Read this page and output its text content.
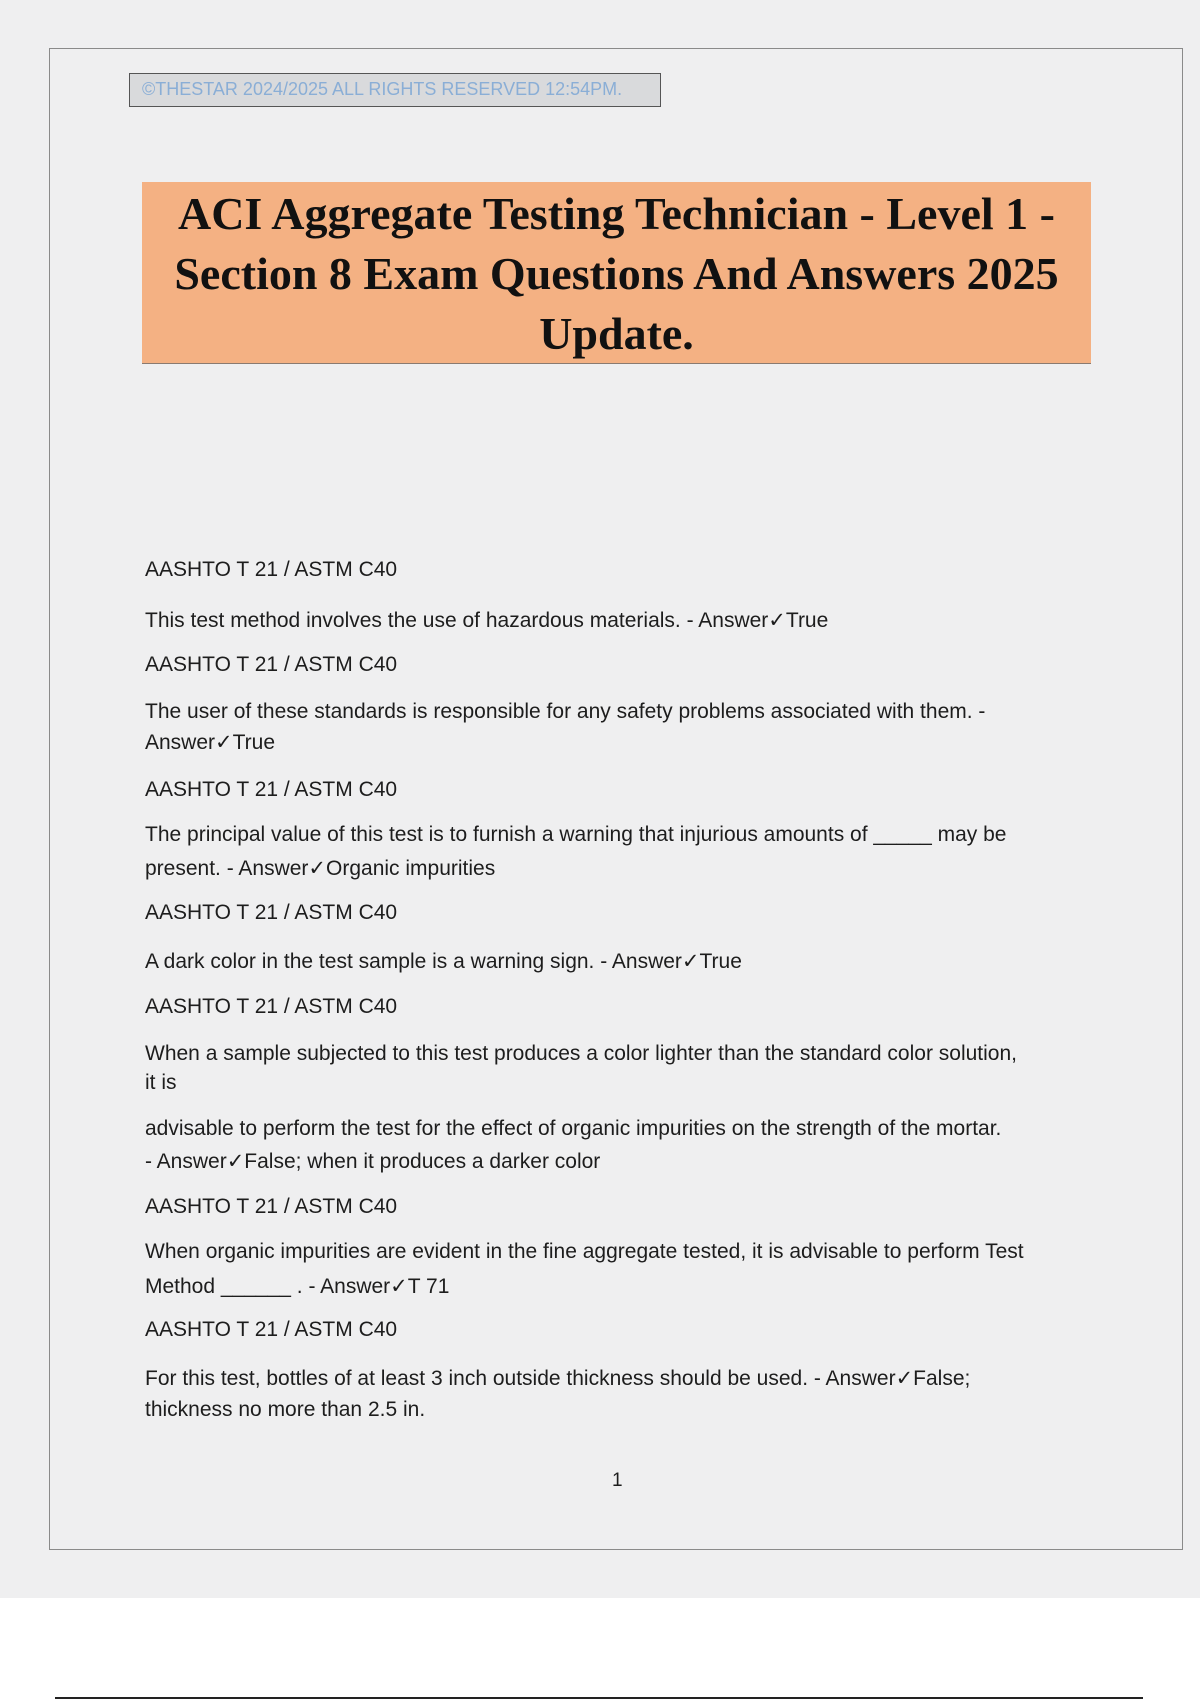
©THESTAR 2024/2025 ALL RIGHTS RESERVED 12:54PM.
ACI Aggregate Testing Technician - Level 1 -
Section 8 Exam Questions And Answers 2025
Update.
AASHTO T 21 / ASTM C40
This test method involves the use of hazardous materials. - Answer✓True
AASHTO T 21 / ASTM C40
The user of these standards is responsible for any safety problems associated with them. -
Answer✓True
AASHTO T 21 / ASTM C40
The principal value of this test is to furnish a warning that injurious amounts of _____ may be
present. - Answer✓Organic impurities
AASHTO T 21 / ASTM C40
A dark color in the test sample is a warning sign. - Answer✓True
AASHTO T 21 / ASTM C40
When a sample subjected to this test produces a color lighter than the standard color solution,
it is
advisable to perform the test for the effect of organic impurities on the strength of the mortar.
- Answer✓False; when it produces a darker color
AASHTO T 21 / ASTM C40
When organic impurities are evident in the fine aggregate tested, it is advisable to perform Test
Method ______ . - Answer✓T 71
AASHTO T 21 / ASTM C40
For this test, bottles of at least 3 inch outside thickness should be used. - Answer✓False;
thickness no more than 2.5 in.
1
